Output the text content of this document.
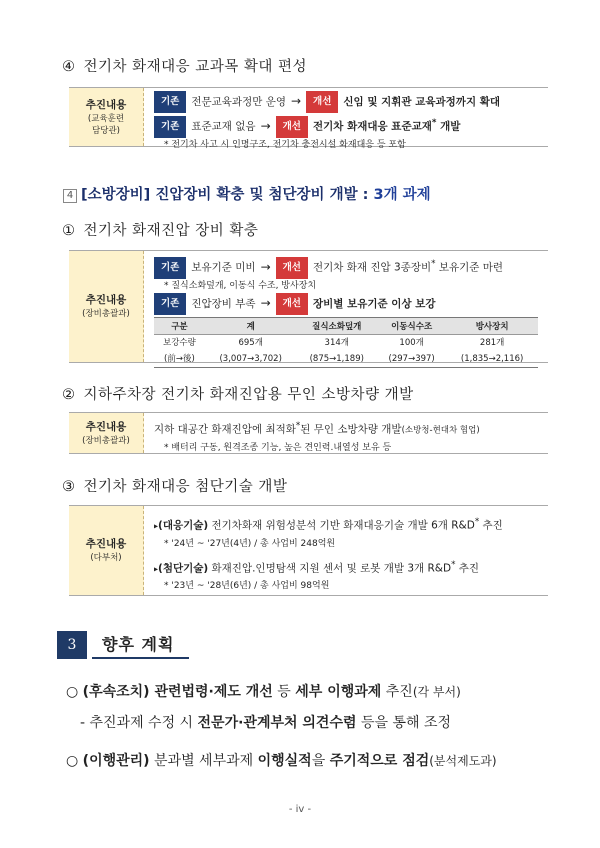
④ 전기차 화재대응 교과목 확대 편성
추진내용
(교육훈련
담당관)
기존 전문교육과정만 운영 → 개선 신임 및 지휘관 교육과정까지 확대
기존 표준교재 없음 → 개선 전기차 화재대응 표준교재* 개발
* 전기차 사고 시 인명구조, 전기차 충전시설 화재대응 등 포함
4 [소방장비] 진압장비 확충 및 첨단장비 개발 : 3개 과제
① 전기차 화재진압 장비 확충
추진내용
(장비총괄과)
기존 보유기준 미비 → 개선 전기차 화재 진압 3종장비* 보유기준 마련
* 질식소화덮개, 이동식 수조, 방사장치
기존 진압장비 부족 → 개선 장비별 보유기준 이상 보강
구분	계	질식소화덮개	이동식수조	방사장치
보강수량	695개	314개	100개	281개
(前→後)	(3,007→3,702)	(875→1,189)	(297→397)	(1,835→2,116)
② 지하주차장 전기차 화재진압용 무인 소방차량 개발
추진내용
(장비총괄과)
지하 대공간 화재진압에 최적화*된 무인 소방차량 개발(소방청-현대차 협업)
* 배터리 구동, 원격조종 기능, 높은 견인력.내열성 보유 등
③ 전기차 화재대응 첨단기술 개발
추진내용
(다부처)
▸(대응기술) 전기차화재 위험성분석 기반 화재대응기술 개발 6개 R&D* 추진
* '24년 ~ '27년(4년) / 총 사업비 248억원
▸(첨단기술) 화재진압.인명탐색 지원 센서 및 로봇 개발 3개 R&D* 추진
* '23년 ~ '28년(6년) / 총 사업비 98억원
3	향후 계획
○ (후속조치) 관련법령·제도 개선 등 세부 이행과제 추진(각 부서)
- 추진과제 수정 시 전문가·관계부처 의견수렴 등을 통해 조정
○ (이행관리) 분과별 세부과제 이행실적을 주기적으로 점검(분석제도과)
- iv -
